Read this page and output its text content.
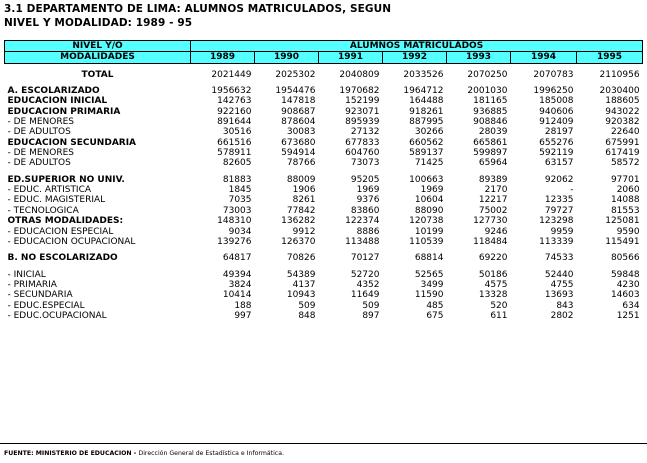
3.1 DEPARTAMENTO DE LIMA: ALUMNOS MATRICULADOS, SEGUN
NIVEL Y MODALIDAD: 1989 - 95
NIVEL Y/O	ALUMNOS MATRICULADOS						
MODALIDADES	1989	1990	1991	1992	1993	1994	1995

TOTAL	2021449	2025302	2040809	2033526	2070250	2070783	2110956

A. ESCOLARIZADO	1956632	1954476	1970682	1964712	2001030	1996250	2030400
EDUCACION INICIAL	142763	147818	152199	164488	181165	185008	188605
EDUCACION PRIMARIA	922160	908687	923071	918261	936885	940606	943022
- DE MENORES	891644	878604	895939	887995	908846	912409	920382
- DE ADULTOS	30516	30083	27132	30266	28039	28197	22640
EDUCACION SECUNDARIA	661516	673680	677833	660562	665861	655276	675991
- DE MENORES	578911	594914	604760	589137	599897	592119	617419
- DE ADULTOS	82605	78766	73073	71425	65964	63157	58572

ED.SUPERIOR NO UNIV.	81883	88009	95205	100663	89389	92062	97701
- EDUC. ARTÍSTICA	1845	1906	1969	1969	2170	-	2060
- EDUC. MAGISTERIAL	7035	8261	9376	10604	12217	12335	14088
- TECNOLÓGICA	73003	77842	83860	88090	75002	79727	81553
OTRAS MODALIDADES:	148310	136282	122374	120738	127730	123298	125081
- EDUCACION ESPECIAL	9034	9912	8886	10199	9246	9959	9590
- EDUCACION OCUPACIONAL	139276	126370	113488	110539	118484	113339	115491

B. NO ESCOLARIZADO	64817	70826	70127	68814	69220	74533	80566

- INICIAL	49394	54389	52720	52565	50186	52440	59848
- PRIMARIA	3824	4137	4352	3499	4575	4755	4230
- SECUNDARIA	10414	10943	11649	11590	13328	13693	14603
- EDUC.ESPECIAL	188	509	509	485	520	843	634
- EDUC.OCUPACIONAL	997	848	897	675	611	2802	1251
FUENTE: MINISTERIO DE EDUCACION - Dirección General de Estadística e Informática.
